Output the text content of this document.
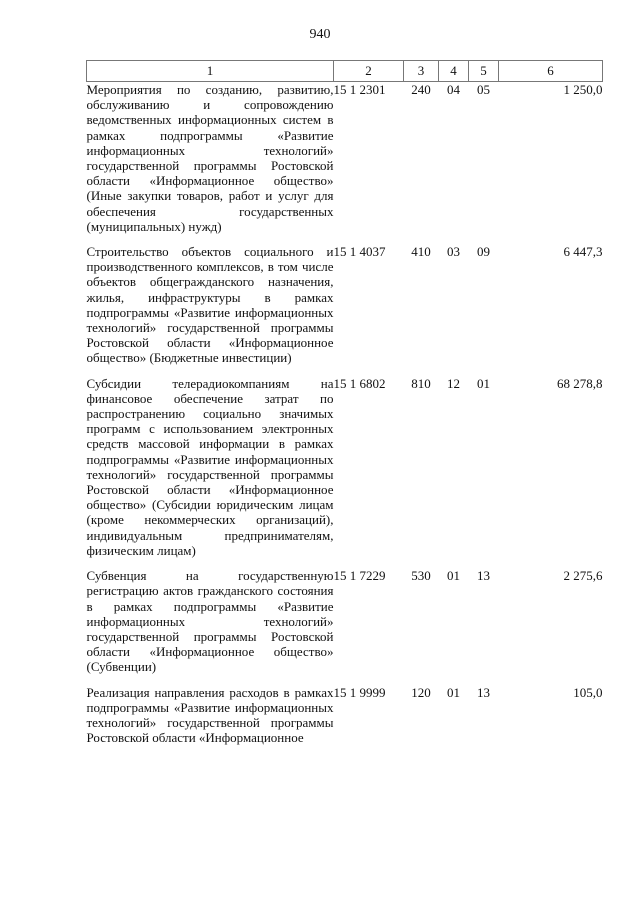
940
1	2	3	4	5	6
Мероприятия по созданию, развитию, обслуживанию и сопровождению ведомственных информационных систем в рамках подпрограммы «Развитие информационных технологий» государственной программы Ростовской области «Информационное общество» (Иные закупки товаров, работ и услуг для обеспечения государственных (муниципальных) нужд)	15 1 2301	240	04	05	1 250,0
Строительство объектов социального и производственного комплексов, в том числе объектов общегражданского назначения, жилья, инфраструктуры в рамках подпрограммы «Развитие информационных технологий» государственной программы Ростовской области «Информационное общество» (Бюджетные инвестиции)	15 1 4037	410	03	09	6 447,3
Субсидии телерадиокомпаниям на финансовое обеспечение затрат по распространению социально значимых программ с использованием электронных средств массовой информации в рамках подпрограммы «Развитие информационных технологий» государственной программы Ростовской области «Информационное общество» (Субсидии юридическим лицам (кроме некоммерческих организаций), индивидуальным предпринимателям, физическим лицам)	15 1 6802	810	12	01	68 278,8
Субвенция на государственную регистрацию актов гражданского состояния в рамках подпрограммы «Развитие информационных технологий» государственной программы Ростовской области «Информационное общество» (Субвенции)	15 1 7229	530	01	13	2 275,6
Реализация направления расходов в рамках подпрограммы «Развитие информационных технологий» государственной программы Ростовской области «Информационное	15 1 9999	120	01	13	105,0
